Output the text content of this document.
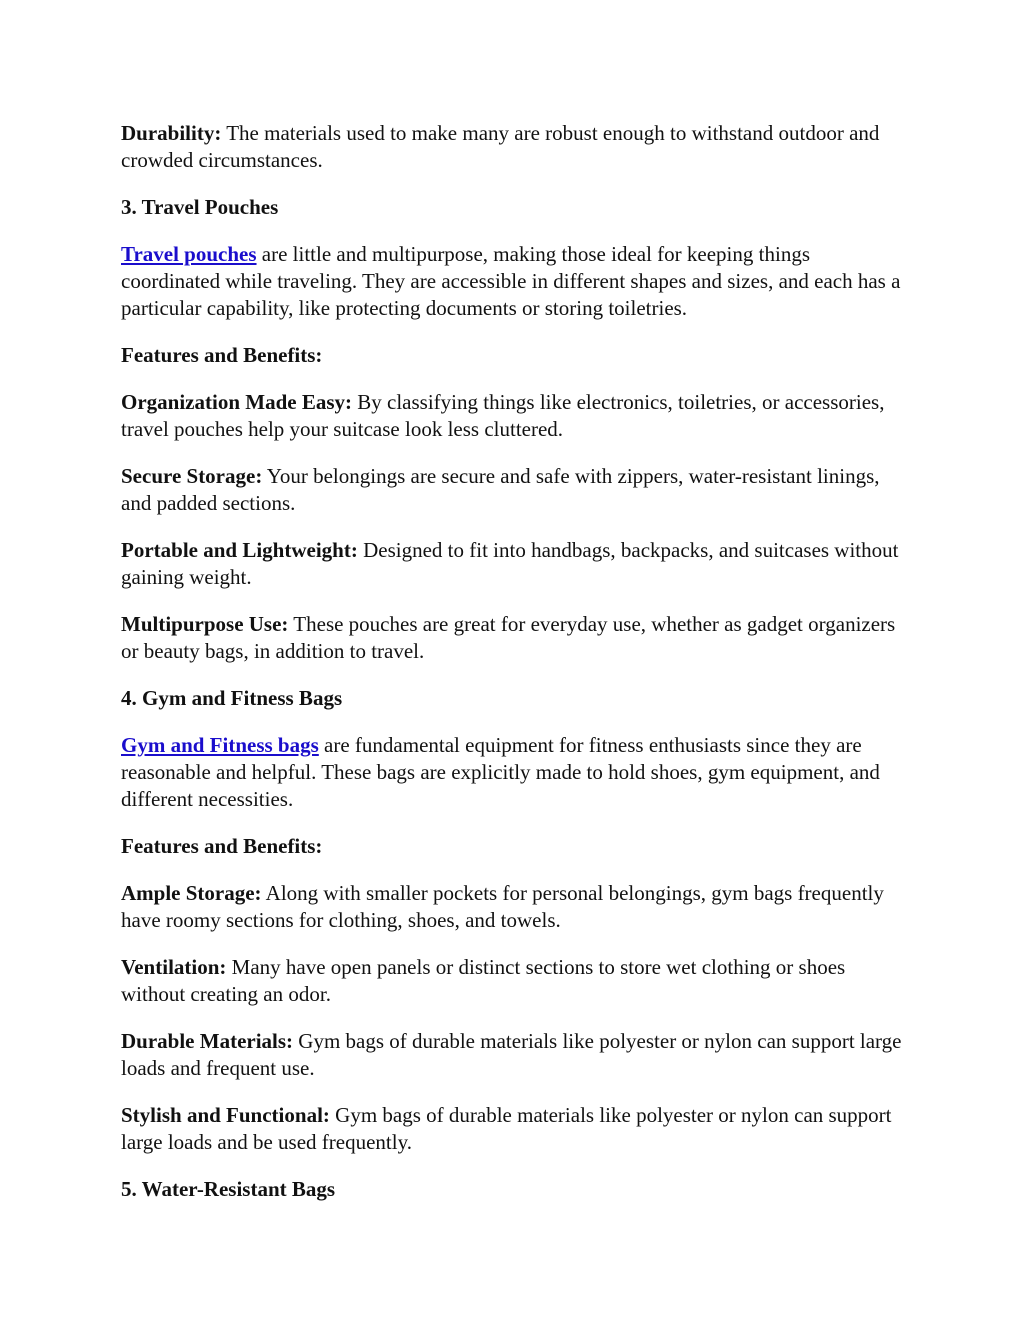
Durability: The materials used to make many are robust enough to withstand outdoor and crowded circumstances.

3. Travel Pouches

Travel pouches are little and multipurpose, making those ideal for keeping things coordinated while traveling. They are accessible in different shapes and sizes, and each has a particular capability, like protecting documents or storing toiletries.

Features and Benefits:

Organization Made Easy: By classifying things like electronics, toiletries, or accessories, travel pouches help your suitcase look less cluttered.

Secure Storage: Your belongings are secure and safe with zippers, water-resistant linings, and padded sections.

Portable and Lightweight: Designed to fit into handbags, backpacks, and suitcases without gaining weight.

Multipurpose Use: These pouches are great for everyday use, whether as gadget organizers or beauty bags, in addition to travel.

4. Gym and Fitness Bags

Gym and Fitness bags are fundamental equipment for fitness enthusiasts since they are reasonable and helpful. These bags are explicitly made to hold shoes, gym equipment, and different necessities.

Features and Benefits:

Ample Storage: Along with smaller pockets for personal belongings, gym bags frequently have roomy sections for clothing, shoes, and towels.

Ventilation: Many have open panels or distinct sections to store wet clothing or shoes without creating an odor.

Durable Materials: Gym bags of durable materials like polyester or nylon can support large loads and frequent use.

Stylish and Functional: Gym bags of durable materials like polyester or nylon can support large loads and be used frequently.

5. Water-Resistant Bags
